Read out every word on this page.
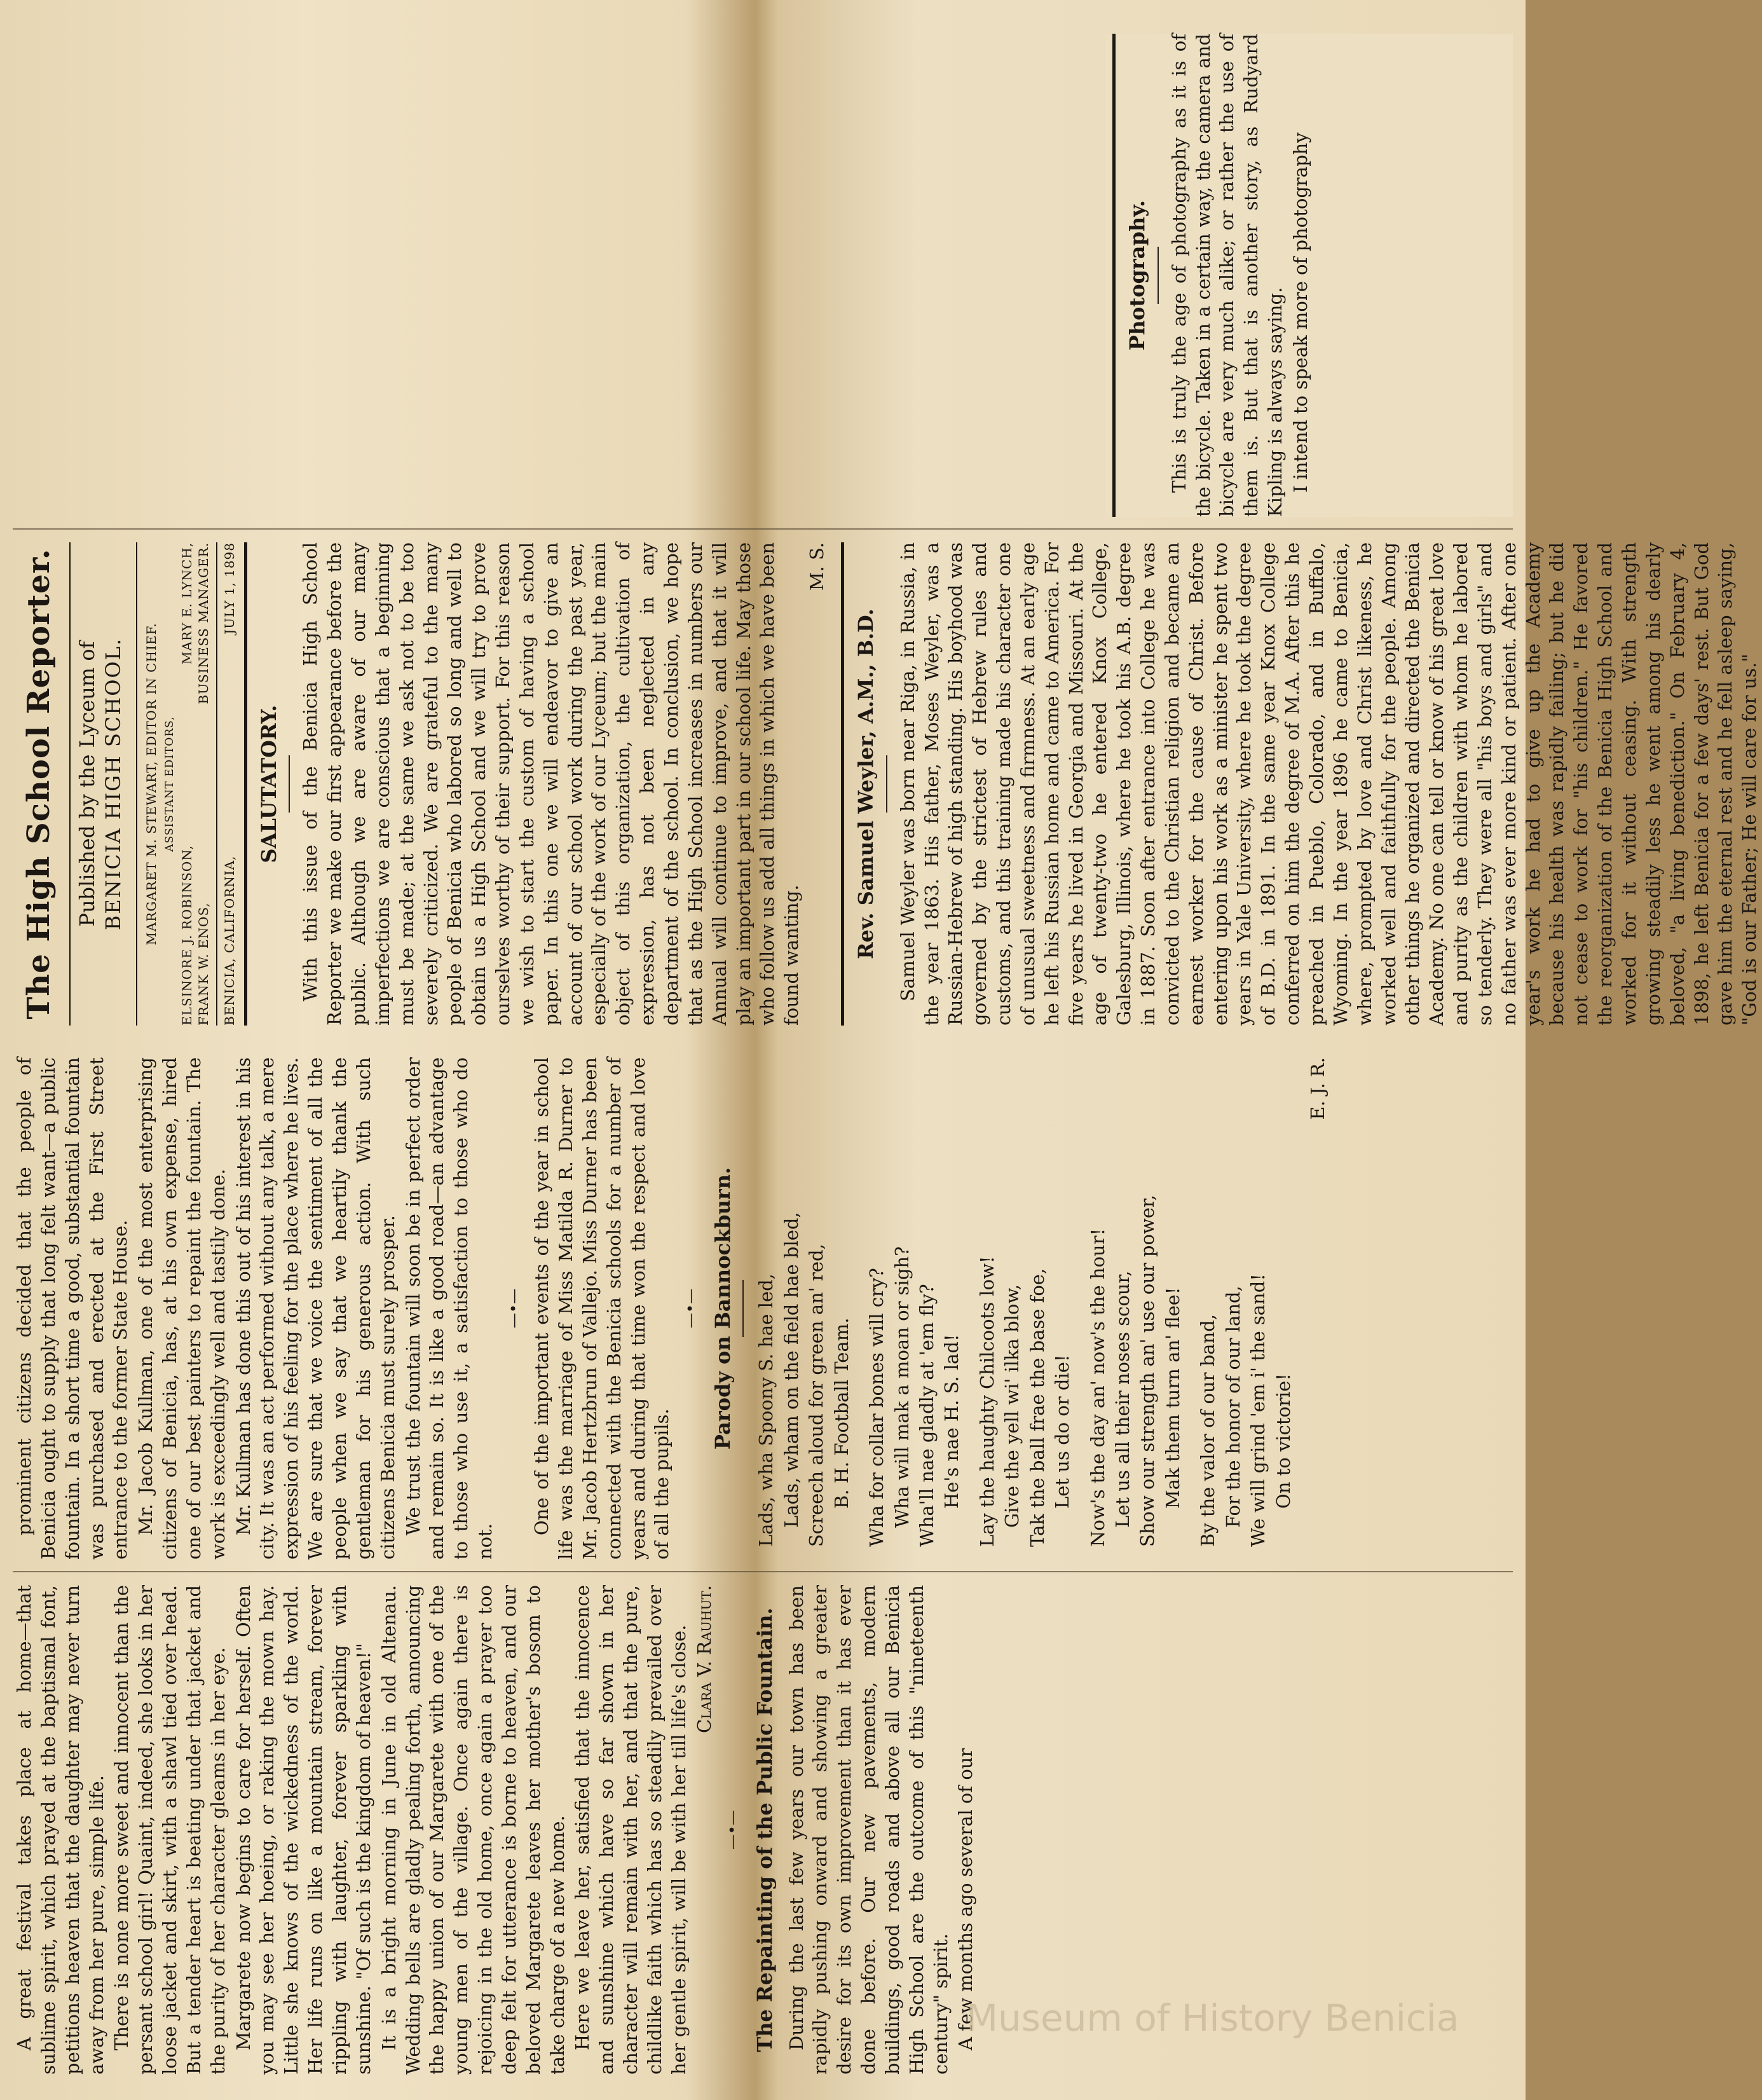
A great festival takes place at home—that sublime spirit, which prayed at the baptismal font, petitions heaven that the daughter may never turn away from her pure, simple life. There is none more sweet and innocent than the persant school girl! Quaint, indeed, she looks in her loose jacket and skirt, with a shawl tied over head. But a tender heart is beating under that jacket and the purity of her character gleams in her eye. Margarete now begins to care for herself. Often you may see her hoeing, or raking the mown hay. Little she knows of the wickedness of the world. Her life runs on like a mountain stream, forever rippling with laughter, forever sparkling with sunshine. "Of such is the kingdom of heaven!" It is a bright morning in June in old Altenau. Wedding bells are gladly pealing forth, announcing the happy union of our Margarete with one of the young men of the village. Once again there is rejoicing in the old home, once again a prayer too deep felt for utterance is borne to heaven, and our beloved Margarete leaves her mother's bosom to take charge of a new home. Here we leave her, satisfied that the innocence and sunshine which have so far shown in her character will remain with her, and that the pure, childlike faith which has so steadily prevailed over her gentle spirit, will be with her till life's close. Clara V. Rauhut.

—•— The Repainting of the Public Fountain. During the last few years our town has been rapidly pushing onward and showing a greater desire for its own improvement than it has ever done before. Our new pavements, modern buildings, good roads and above all our Benicia High School are the outcome of this "nineteenth century" spirit. A few months ago several of our

prominent citizens decided that the people of Benicia ought to supply that long felt want—a public fountain. In a short time a good, substantial fountain was purchased and erected at the First Street entrance to the former State House. Mr. Jacob Kullman, one of the most enterprising citizens of Benicia, has, at his own expense, hired one of our best painters to repaint the fountain. The work is exceedingly well and tastily done. Mr. Kullman has done this out of his interest in his city. It was an act performed without any talk, a mere expression of his feeling for the place where he lives. We are sure that we voice the sentiment of all the people when we say that we heartily thank the gentleman for his generous action. With such citizens Benicia must surely prosper. We trust the fountain will soon be in perfect order and remain so. It is like a good road—an advantage to those who use it, a satisfaction to those who do not.

—•— One of the important events of the year in school life was the marriage of Miss Matilda R. Durner to Mr. Jacob Hertzbrun of Vallejo. Miss Durner has been connected with the Benicia schools for a number of years and during that time won the respect and love of all the pupils.

—•— Parody on Bannockburn. Lads, wha Spoony S. hae led, Lads, wham on the field hae bled, Screech aloud for green an' red, B. H. Football Team. Wha for collar bones will cry? Wha will mak a moan or sigh? Wha'll nae gladly at 'em fly? He's nae H. S. lad! Lay the haughty Chilcoots low! Give the yell wi' ilka blow, Tak the ball frae the base foe, Let us do or die! Now's the day an' now's the hour! Let us all their noses scour, Show our strength an' use our power, Mak them turn an' flee! By the valor of our band, For the honor of our land, We will grind 'em i' the sand! On to victorie!

E. J. R.

The High School Reporter. Published by the Lyceum of BENICIA HIGH SCHOOL. MARGARET M. STEWART, EDITOR IN CHIEF. ASSISTANT EDITORS,
ELSINORE J. ROBINSON,
MARY E. LYNCH,
FRANK W. ENOS,
BUSINESS MANAGER.
BENICIA, CALIFORNIA,
JULY 1, 1898
SALUTATORY. With this issue of the Benicia High School Reporter we make our first appearance before the public. Although we are aware of our many imperfections we are conscious that a beginning must be made; at the same we ask not to be too severely criticized. We are grateful to the many people of Benicia who labored so long and well to obtain us a High School and we will try to prove ourselves worthy of their support. For this reason we wish to start the custom of having a school paper. In this one we will endeavor to give an account of our school work during the past year, especially of the work of our Lyceum; but the main object of this organization, the cultivation of expression, has not been neglected in any department of the school. In conclusion, we hope that as the High School increases in numbers our Annual will continue to improve, and that it will play an important part in our school life. May those who follow us add all things in which we have been found wanting.

M. S.

Rev. Samuel Weyler, A.M., B.D. Samuel Weyler was born near Riga, in Russia, in the year 1863. His father, Moses Weyler, was a Russian-Hebrew of high standing. His boyhood was governed by the strictest of Hebrew rules and customs, and this training made his character one of unusual sweetness and firmness. At an early age he left his Russian home and came to America. For five years he lived in Georgia and Missouri. At the age of twenty-two he entered Knox College, Galesburg, Illinois, where he took his A.B. degree in 1887. Soon after entrance into College he was convicted to the Christian religion and became an earnest worker for the cause of Christ. Before entering upon his work as a minister he spent two years in Yale University, where he took the degree of B.D. in 1891. In the same year Knox College conferred on him the degree of M.A. After this he preached in Pueblo, Colorado, and in Buffalo, Wyoming. In the year 1896 he came to Benicia, where, prompted by love and Christ likeness, he worked well and faithfully for the people. Among other things he organized and directed the Benicia Academy. No one can tell or know of his great love and purity as the children with whom he labored so tenderly. They were all "his boys and girls" and no father was ever more kind or patient. After one year's work he had to give up the Academy because his health was rapidly failing; but he did not cease to work for "his children." He favored the reorganization of the Benicia High School and worked for it without ceasing. With strength growing steadily less he went among his dearly beloved, "a living benediction." On February 4, 1898, he left Benicia for a few days' rest. But God gave him the eternal rest and he fell asleep saying, "God is our Father; He will care for us."

Photography. This is truly the age of photography as it is of the bicycle. Taken in a certain way, the camera and bicycle are very much alike; or rather the use of them is. But that is another story, as Rudyard Kipling is always saying. I intend to speak more of photography

Museum of History Benicia
